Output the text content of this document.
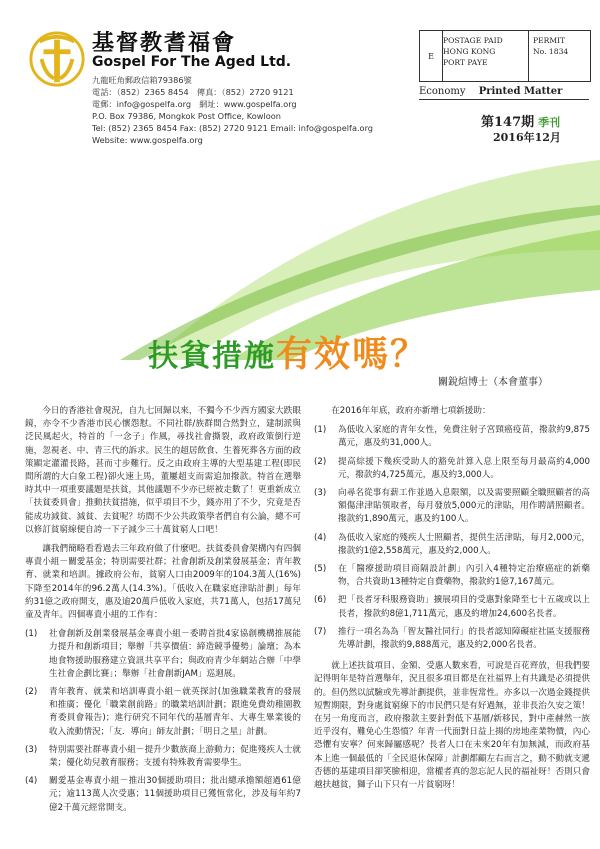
基督教耆福會
Gospel For The Aged Ltd.
九龍旺角郵政信箱79386號
電話：（852）2365 8454　傳真：（852）2720 9121
電郵：info@gospelfa.org　網址：www.gospelfa.org
P.O. Box 79386, Mongkok Post Office, Kowloon
Tel: (852) 2365 8454 Fax: (852) 2720 9121 Email: info@gospelfa.org
Website: www.gospelfa.org
E
POSTAGE PAID
HONG KONG
PORT PAYE
PERMIT
No. 1834
Economy Printed Matter
第147期 季刊
2016年12月
扶貧措施有效嗎？
關銳煊博士（本會董事）

今日的香港社會現況，自九七回歸以來，不獨今不少西方國家大跌眼鏡，亦令不少香港市民心懷怨懟。不同社群/族群間合然對立，建制派與泛民風起火，特首的「一念子」作風，尋找社會撕裂，政府政策倒行逆施，忽視老、中、青三代的訴求。民生的超居飲食、生養死葬各方面的政策顯定灌灌長路，甚而寸步難行。反之由政府主導的大型基建工程(即民間所謂的大白象工程)卻火速上馬，董屢超支而需追加撥款。特首在選舉時其中一項重要議題是扶貧，其他議題不少亦已經被走數了！更重新成立「扶貧委員會」推動扶貧措施，似乎項目不少，錢亦用了不少，究竟是否能成功減貧、減貧、去貧呢？坊間不少公共政策學者們自有公論，總不可以修訂貧窮線便自誇一下子減少三十萬貧窮人口吧！

讓我們簡略看看過去三年政府做了什麼吧。扶貧委員會架構內有四個專責小組－關愛基金；特別需要社群；社會創新及創業發展基金；青年教育、就業和培訓。據政府公布，貧窮人口由2009年的104.3萬人(16%)下降至2014年的96.2萬人(14.3%)。「低收入在職家庭津貼計劃」每年約31億之政府開支，惠及逾20萬戶低收入家庭，共71萬人，包括17萬兒童及青年。四個專責小組的工作有：

(1)	社會創新及創業發展基金專責小組－委聘首批4家協創機構推展能力提升和創新項目；舉辦「共享價值：締造競爭優勢」論壇；為本地食物援助服務建立資訊共享平台；與政府青少年網站合辦「中學生社會企劃比賽」；舉辦「社會創新JAM」巡迴展。
(2)	青年教育、就業和培訓專責小組－就英探討(加強職業教育的發展和推廣；優化「職業創前路」的職業培訓計劃；跟進免費幼稚園教育委員會報告)；進行研究不同年代的基層青年、大專生畢業後的收入流動情況；「友．導向」師友計劃；「明日之星」計劃。
(3)	特別需要社群專責小組－提升少數族裔上游動力；促進殘疾人士就業；優化幼兒教育服務；支援有特殊教育需要學生。
(4)	關愛基金專責小組－推出30個援助項目；批出總承擔額超過61億元；逾113萬人次受惠；11個援助項目已獲恆常化，涉及每年約7億2千萬元經常開支。

在2016年年底，政府亦新增七項新援助：

(1)	為低收入家庭的青年女性，免費注射子宮頸癌疫苗，撥款約9,875萬元，惠及約31,000人。
(2)	提高綜援下幾疾受助人的豁免計算入息上限至每月最高約4,000元，撥款約4,725萬元，惠及約3,000人。
(3)	向尋名從事有薪工作並過入息限額，以及需要照顧全職照顧者的高額傷津津貼領取者，每月發放5,000元的津貼，用作聘請照顧者。撥款約1,890萬元，惠及約100人。
(4)	為低收入家庭的殘疾人士照顧者，提供生活津貼，每月2,000元，撥款約1億2,558萬元，惠及約2,000人。
(5)	在「醫療援助項目商隔設計劃」內引入4種特定治療癌症的新藥物，合共資助13種特定自費藥物，撥款約1億7,167萬元。
(6)	把「長者牙科服務資助」擴展項目的受惠對象降至七十五歲或以上長者，撥款約8億1,711萬元，惠及約增加24,600名長者。
(7)	推行一項名為為「智友醫社同行」的長者認知障礙症社區支援服務先導計劃，撥款約9,888萬元，惠及約2,000名長者。

就上述扶貧項目、金額、受惠人數來看，可說是百花齊放，但我們要記得明年是特首選舉年，況且很多項目都是在社福界上有共識是必須提供的。但仍然以試驗或先導計劃提供，並非恆常性。亦多以一次過金錢提供短暫期限，對身處貧窮線下的市民們只是有好過無，並非長治久安之策！在另一角度而言，政府撥款主要針對低下基層/新移民，對中產赫然一族近乎沒有，難免心生怨憤？年青一代面對日益上揚的房地產業物價，內心恐懼有安寧？何來歸屬感呢？長者人口在未來20年有加無減，而政府基本上進一個最低的「全民退休保障」計劃都顧左右而言之，動不動就支遞否德的基建項目卻笑臉相迎，當權者真的忽忘記人民的福祉呀！否則只會越扶越貧，獅子山下只有一片貧窮呀！
